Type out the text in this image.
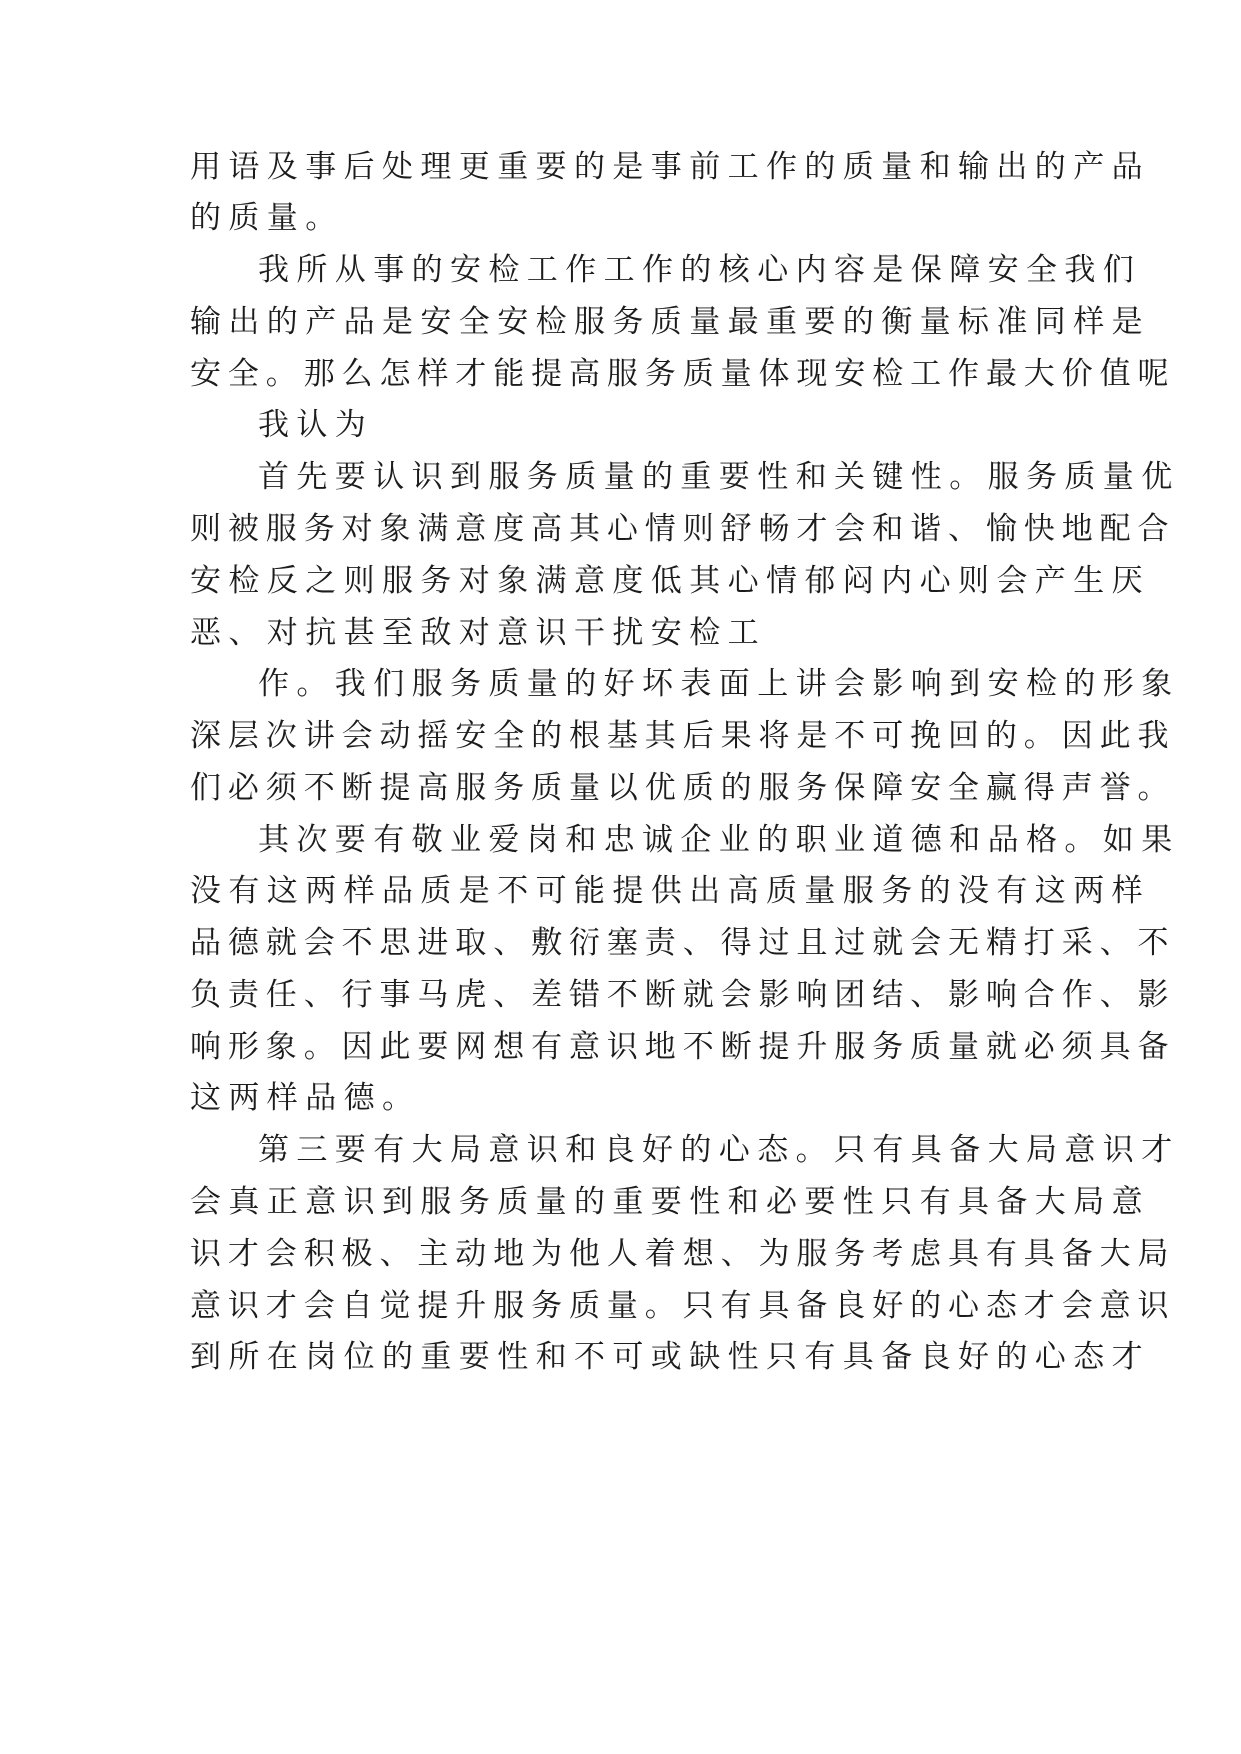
用语及事后处理更重要的是事前工作的质量和输出的产品
的质量。
我所从事的安检工作工作的核心内容是保障安全我们
输出的产品是安全安检服务质量最重要的衡量标准同样是
安全。那么怎样才能提高服务质量体现安检工作最大价值呢
我认为
首先要认识到服务质量的重要性和关键性。服务质量优
则被服务对象满意度高其心情则舒畅才会和谐、愉快地配合
安检反之则服务对象满意度低其心情郁闷内心则会产生厌
恶、对抗甚至敌对意识干扰安检工
作。我们服务质量的好坏表面上讲会影响到安检的形象
深层次讲会动摇安全的根基其后果将是不可挽回的。因此我
们必须不断提高服务质量以优质的服务保障安全赢得声誉。
其次要有敬业爱岗和忠诚企业的职业道德和品格。如果
没有这两样品质是不可能提供出高质量服务的没有这两样
品德就会不思进取、敷衍塞责、得过且过就会无精打采、不
负责任、行事马虎、差错不断就会影响团结、影响合作、影
响形象。因此要网想有意识地不断提升服务质量就必须具备
这两样品德。
第三要有大局意识和良好的心态。只有具备大局意识才
会真正意识到服务质量的重要性和必要性只有具备大局意
识才会积极、主动地为他人着想、为服务考虑具有具备大局
意识才会自觉提升服务质量。只有具备良好的心态才会意识
到所在岗位的重要性和不可或缺性只有具备良好的心态才
